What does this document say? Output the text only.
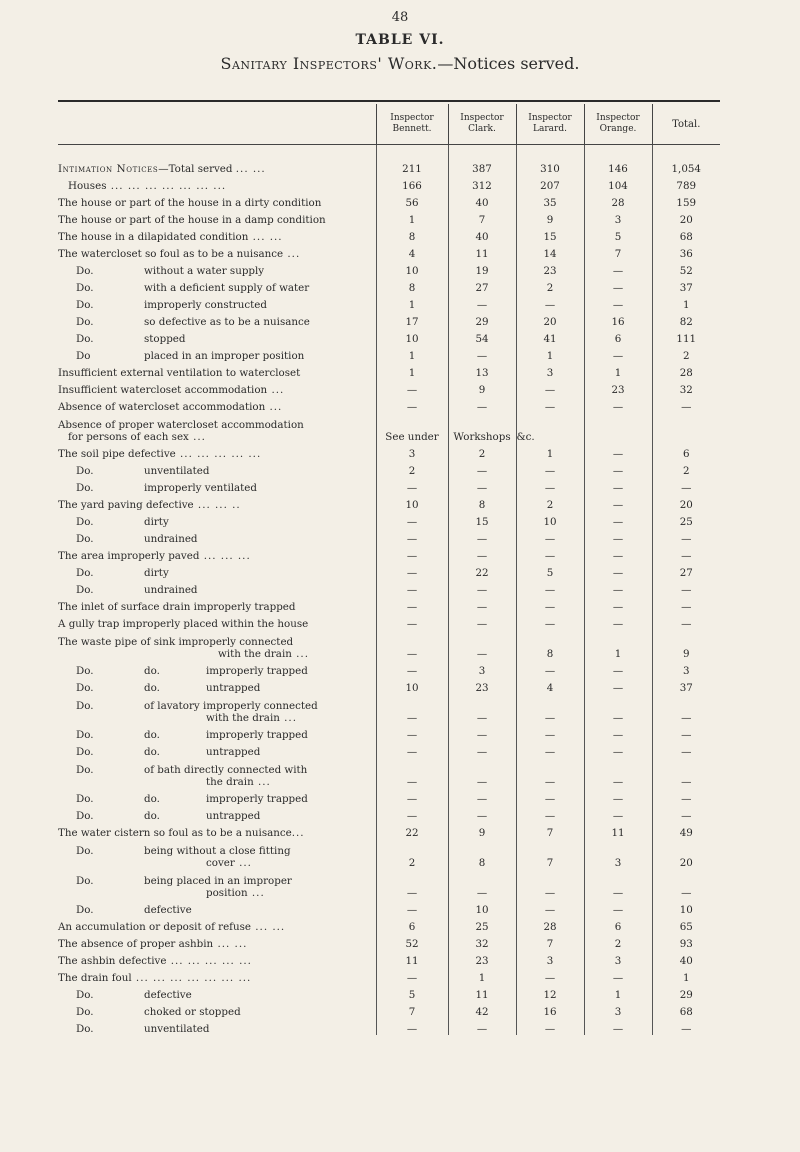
48
TABLE VI.
Sanitary Inspectors' Work.—Notices served.
	Inspector Bennett.	Inspector Clark.	Inspector Larard.	Inspector Orange.	Total.
Intimation Notices—Total served ... ...	211	387	310	146	1,054

Houses ... ... ... ... ... ... ...	166	312	207	104	789

The house or part of the house in a dirty condition	56	40	35	28	159

The house or part of the house in a damp condition	1	7	9	3	20

The house in a dilapidated condition ... ...	8	40	15	5	68

The watercloset so foul as to be a nuisance ...	4	11	14	7	36

Do. without a water supply	10	19	23	—	52

Do. with a deficient supply of water	8	27	2	—	37

Do. improperly constructed	1	—	—	—	1

Do. so defective as to be a nuisance	17	29	20	16	82

Do. stopped	10	54	41	6	111

Do placed in an improper position	1	—	1	—	2

Insufficient external ventilation to watercloset	1	13	3	1	28

Insufficient watercloset accommodation ...	—	9	—	23	32

Absence of watercloset accommodation ...	—	—	—	—	—

Absence of proper watercloset accommodation
for persons of each sex ...	See under	Workshops	&c.		

The soil pipe defective ... ... ... ... ...	3	2	1	—	6

Do. unventilated	2	—	—	—	2

Do. improperly ventilated	—	—	—	—	—

The yard paving defective ... ... ..	10	8	2	—	20

Do. dirty	—	15	10	—	25

Do. undrained	—	—	—	—	—

The area improperly paved ... ... ...	—	—	—	—	—

Do. dirty	—	22	5	—	27

Do. undrained	—	—	—	—	—

The inlet of surface drain improperly trapped	—	—	—	—	—

A gully trap improperly placed within the house	—	—	—	—	—

The waste pipe of sink improperly connected
with the drain ...	—	—	8	1	9

Do. do. improperly trapped	—	3	—	—	3

Do. do. untrapped	10	23	4	—	37

Do. of lavatory improperly connected
with the drain ...	—	—	—	—	—

Do. do. improperly trapped	—	—	—	—	—

Do. do. untrapped	—	—	—	—	—

Do. of bath directly connected with
the drain ...	—	—	—	—	—

Do. do. improperly trapped	—	—	—	—	—

Do. do. untrapped	—	—	—	—	—

The water cistern so foul as to be a nuisance...	22	9	7	11	49

Do. being without a close fitting
cover ...	2	8	7	3	20

Do. being placed in an improper
position ...	—	—	—	—	—

Do. defective	—	10	—	—	10

An accumulation or deposit of refuse ... ...	6	25	28	6	65

The absence of proper ashbin ... ...	52	32	7	2	93

The ashbin defective ... ... ... ... ...	11	23	3	3	40

The drain foul ... ... ... ... ... ... ...	—	1	—	—	1

Do. defective	5	11	12	1	29

Do. choked or stopped	7	42	16	3	68

Do. unventilated	—	—	—	—	—
